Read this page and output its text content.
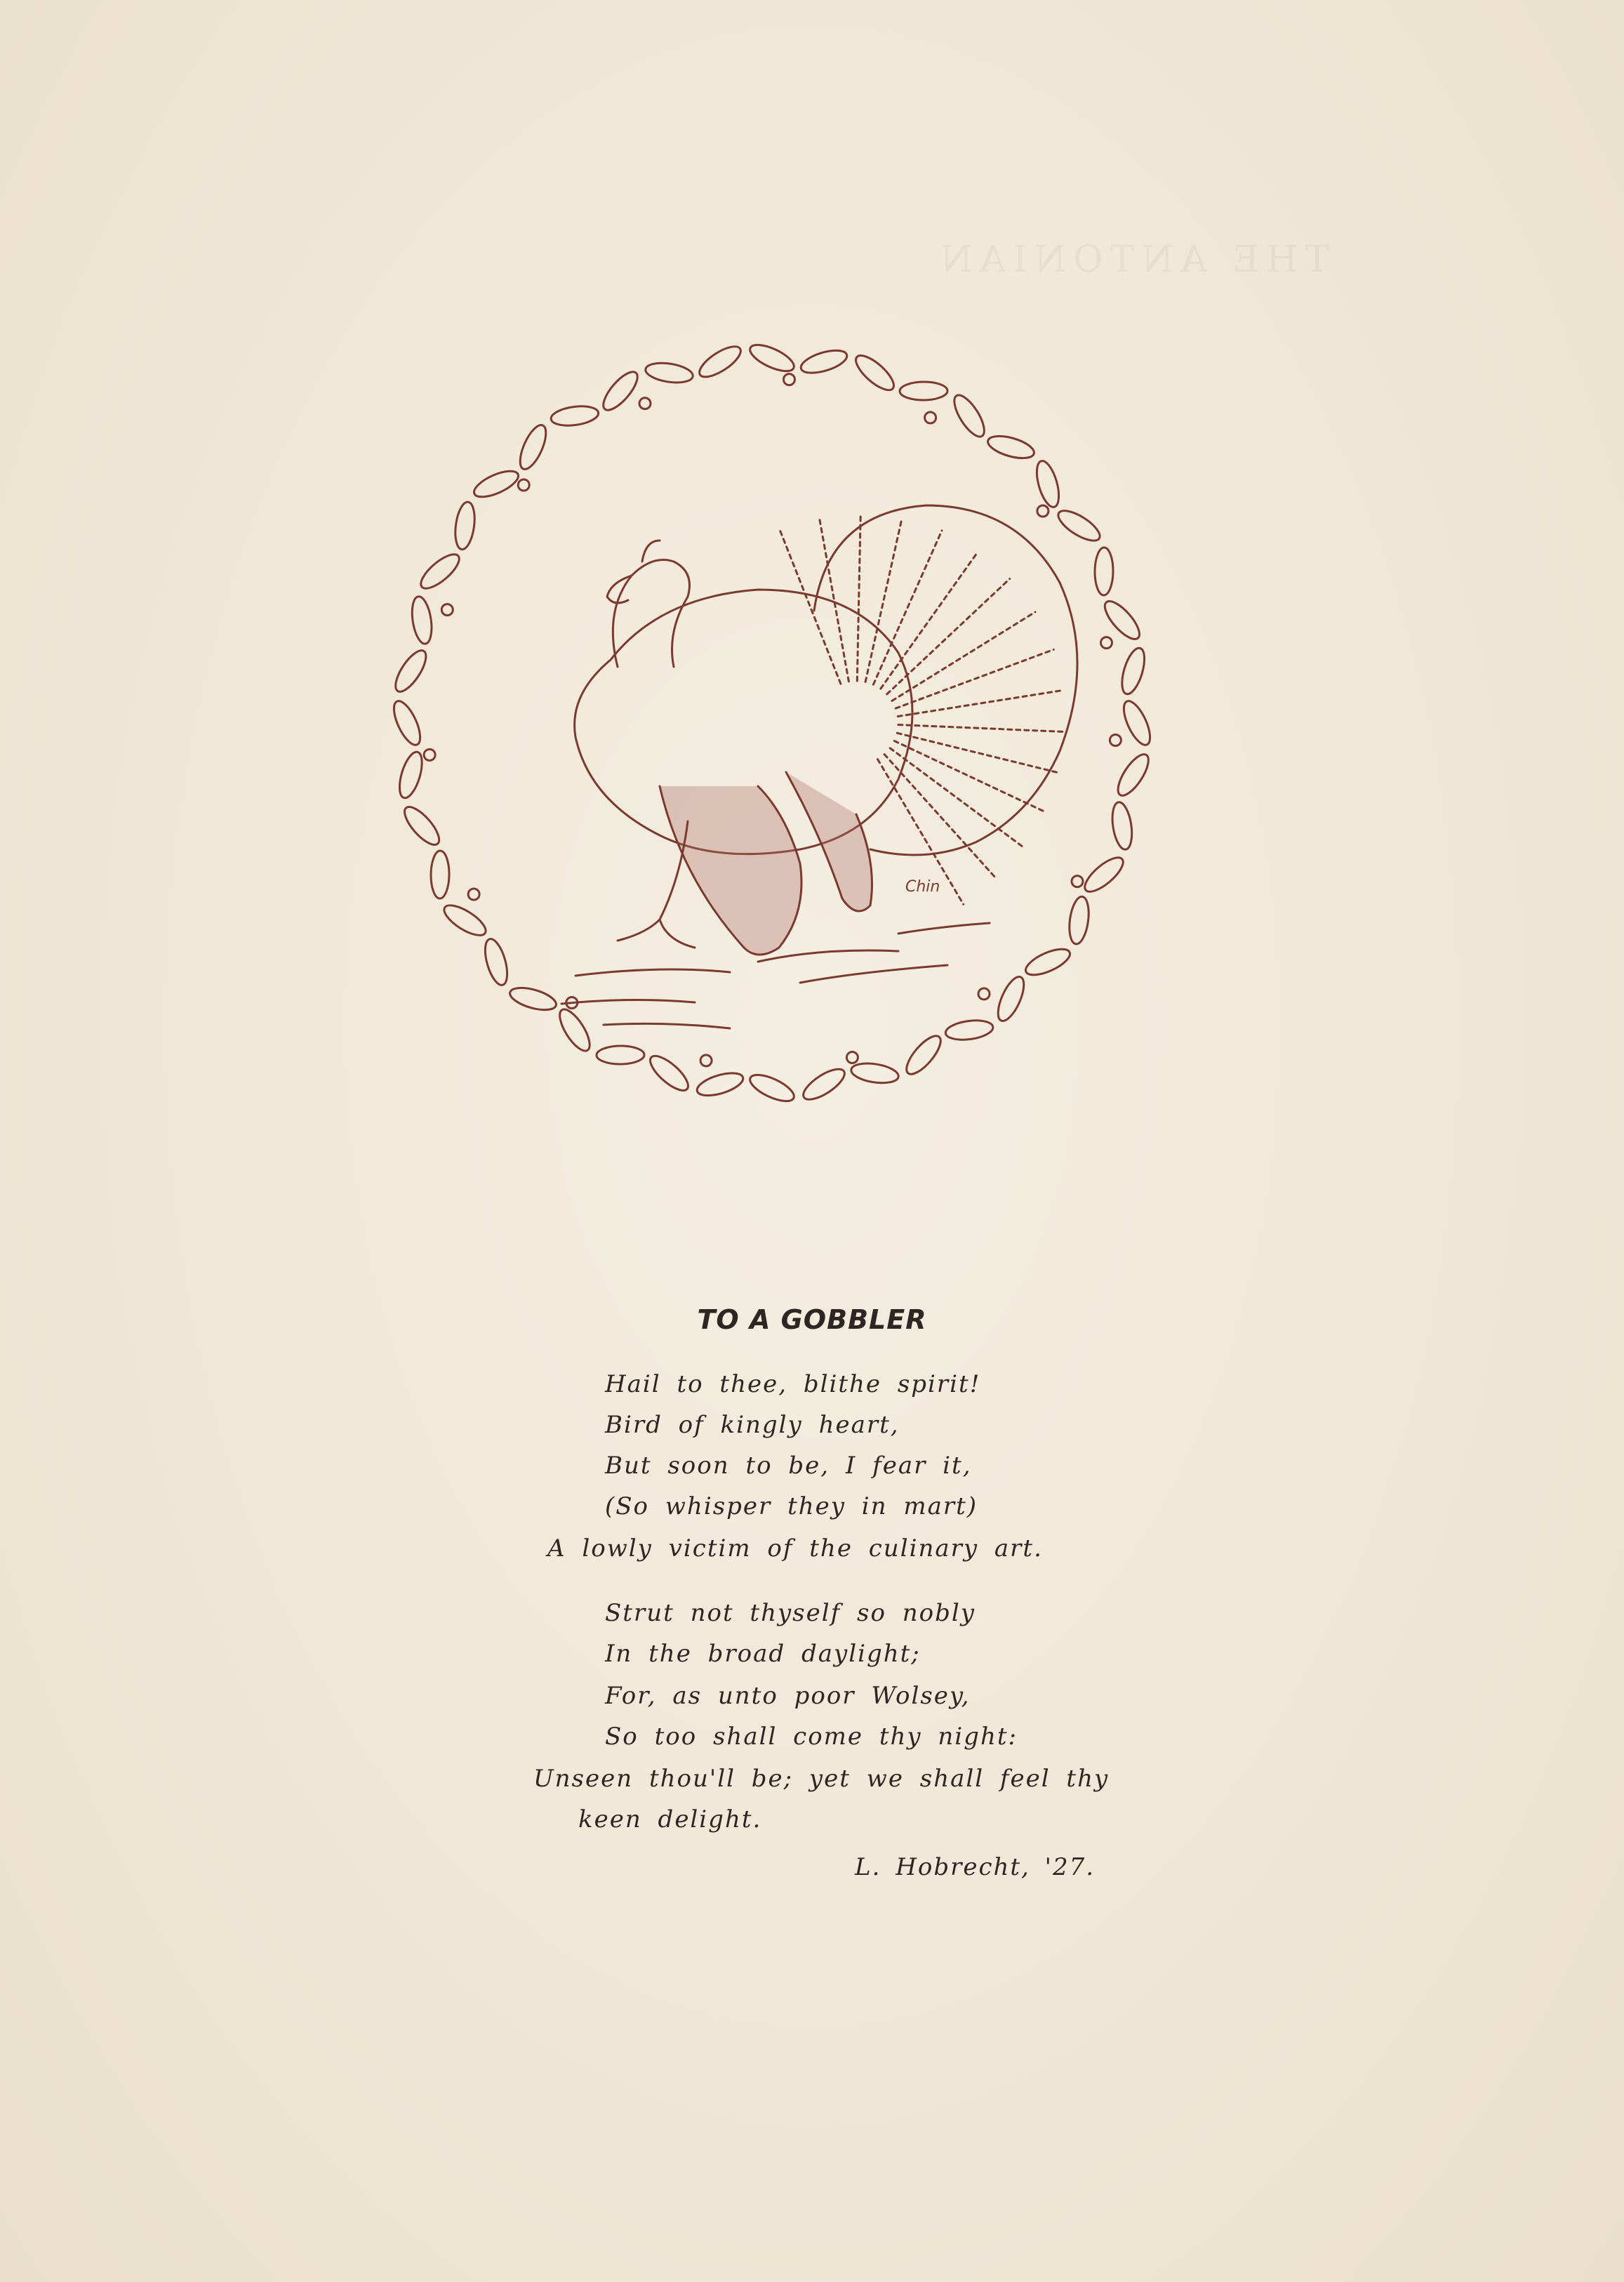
THE ANTONIAN
Chin
TO A GOBBLER
Hail to thee, blithe spirit!
Bird of kingly heart,
But soon to be, I fear it,
(So whisper they in mart)
A lowly victim of the culinary art.
Strut not thyself so nobly
In the broad daylight;
For, as unto poor Wolsey,
So too shall come thy night:
Unseen thou'll be; yet we shall feel thy
keen delight.
L. Hobrecht, '27.
